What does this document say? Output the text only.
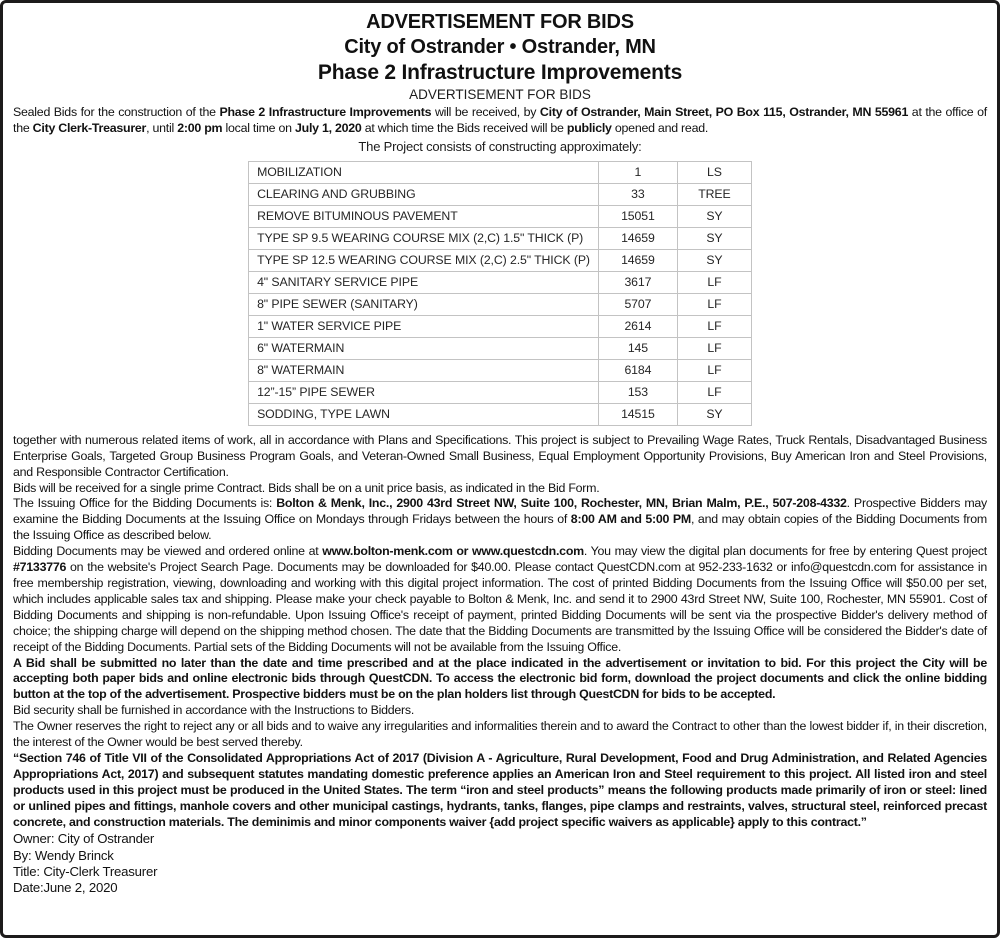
ADVERTISEMENT FOR BIDS
City of Ostrander • Ostrander, MN
Phase 2 Infrastructure Improvements
ADVERTISEMENT FOR BIDS

Sealed Bids for the construction of the Phase 2 Infrastructure Improvements will be received, by City of Ostrander, Main Street, PO Box 115, Ostrander, MN 55961 at the office of the City Clerk-Treasurer, until 2:00 pm local time on July 1, 2020 at which time the Bids received will be publicly opened and read.

The Project consists of constructing approximately:
MOBILIZATION	1	LS
CLEARING AND GRUBBING	33	TREE
REMOVE BITUMINOUS PAVEMENT	15051	SY
TYPE SP 9.5 WEARING COURSE MIX (2,C) 1.5" THICK (P)	14659	SY
TYPE SP 12.5 WEARING COURSE MIX (2,C) 2.5" THICK (P)	14659	SY
4" SANITARY SERVICE PIPE	3617	LF
8" PIPE SEWER (SANITARY)	5707	LF
1" WATER SERVICE PIPE	2614	LF
6" WATERMAIN	145	LF
8" WATERMAIN	6184	LF
12”-15” PIPE SEWER	153	LF
SODDING, TYPE LAWN	14515	SY

together with numerous related items of work, all in accordance with Plans and Specifications. This project is subject to Prevailing Wage Rates, Truck Rentals, Disadvantaged Business Enterprise Goals, Targeted Group Business Program Goals, and Veteran-Owned Small Business, Equal Employment Opportunity Provisions, Buy American Iron and Steel Provisions, and Responsible Contractor Certification.

Bids will be received for a single prime Contract. Bids shall be on a unit price basis, as indicated in the Bid Form.

The Issuing Office for the Bidding Documents is: Bolton & Menk, Inc., 2900 43rd Street NW, Suite 100, Rochester, MN, Brian Malm, P.E., 507-208-4332. Prospective Bidders may examine the Bidding Documents at the Issuing Office on Mondays through Fridays between the hours of 8:00 AM and 5:00 PM, and may obtain copies of the Bidding Documents from the Issuing Office as described below.

Bidding Documents may be viewed and ordered online at www.bolton-menk.com or www.questcdn.com. You may view the digital plan documents for free by entering Quest project #7133776 on the website's Project Search Page. Documents may be downloaded for $40.00. Please contact QuestCDN.com at 952-233-1632 or info@questcdn.com for assistance in free membership registration, viewing, downloading and working with this digital project information. The cost of printed Bidding Documents from the Issuing Office will $50.00 per set, which includes applicable sales tax and shipping. Please make your check payable to Bolton & Menk, Inc. and send it to 2900 43rd Street NW, Suite 100, Rochester, MN 55901. Cost of Bidding Documents and shipping is non-refundable. Upon Issuing Office's receipt of payment, printed Bidding Documents will be sent via the prospective Bidder's delivery method of choice; the shipping charge will depend on the shipping method chosen. The date that the Bidding Documents are transmitted by the Issuing Office will be considered the Bidder's date of receipt of the Bidding Documents. Partial sets of the Bidding Documents will not be available from the Issuing Office.

A Bid shall be submitted no later than the date and time prescribed and at the place indicated in the advertisement or invitation to bid. For this project the City will be accepting both paper bids and online electronic bids through QuestCDN. To access the electronic bid form, download the project documents and click the online bidding button at the top of the advertisement. Prospective bidders must be on the plan holders list through QuestCDN for bids to be accepted.

Bid security shall be furnished in accordance with the Instructions to Bidders.

The Owner reserves the right to reject any or all bids and to waive any irregularities and informalities therein and to award the Contract to other than the lowest bidder if, in their discretion, the interest of the Owner would be best served thereby.

“Section 746 of Title VII of the Consolidated Appropriations Act of 2017 (Division A - Agriculture, Rural Development, Food and Drug Administration, and Related Agencies Appropriations Act, 2017) and subsequent statutes mandating domestic preference applies an American Iron and Steel requirement to this project. All listed iron and steel products used in this project must be produced in the United States. The term “iron and steel products” means the following products made primarily of iron or steel: lined or unlined pipes and fittings, manhole covers and other municipal castings, hydrants, tanks, flanges, pipe clamps and restraints, valves, structural steel, reinforced precast concrete, and construction materials. The deminimis and minor components waiver {add project specific waivers as applicable} apply to this contract.”

Owner: City of Ostrander
By: Wendy Brinck
Title: City-Clerk Treasurer
Date:June 2, 2020
